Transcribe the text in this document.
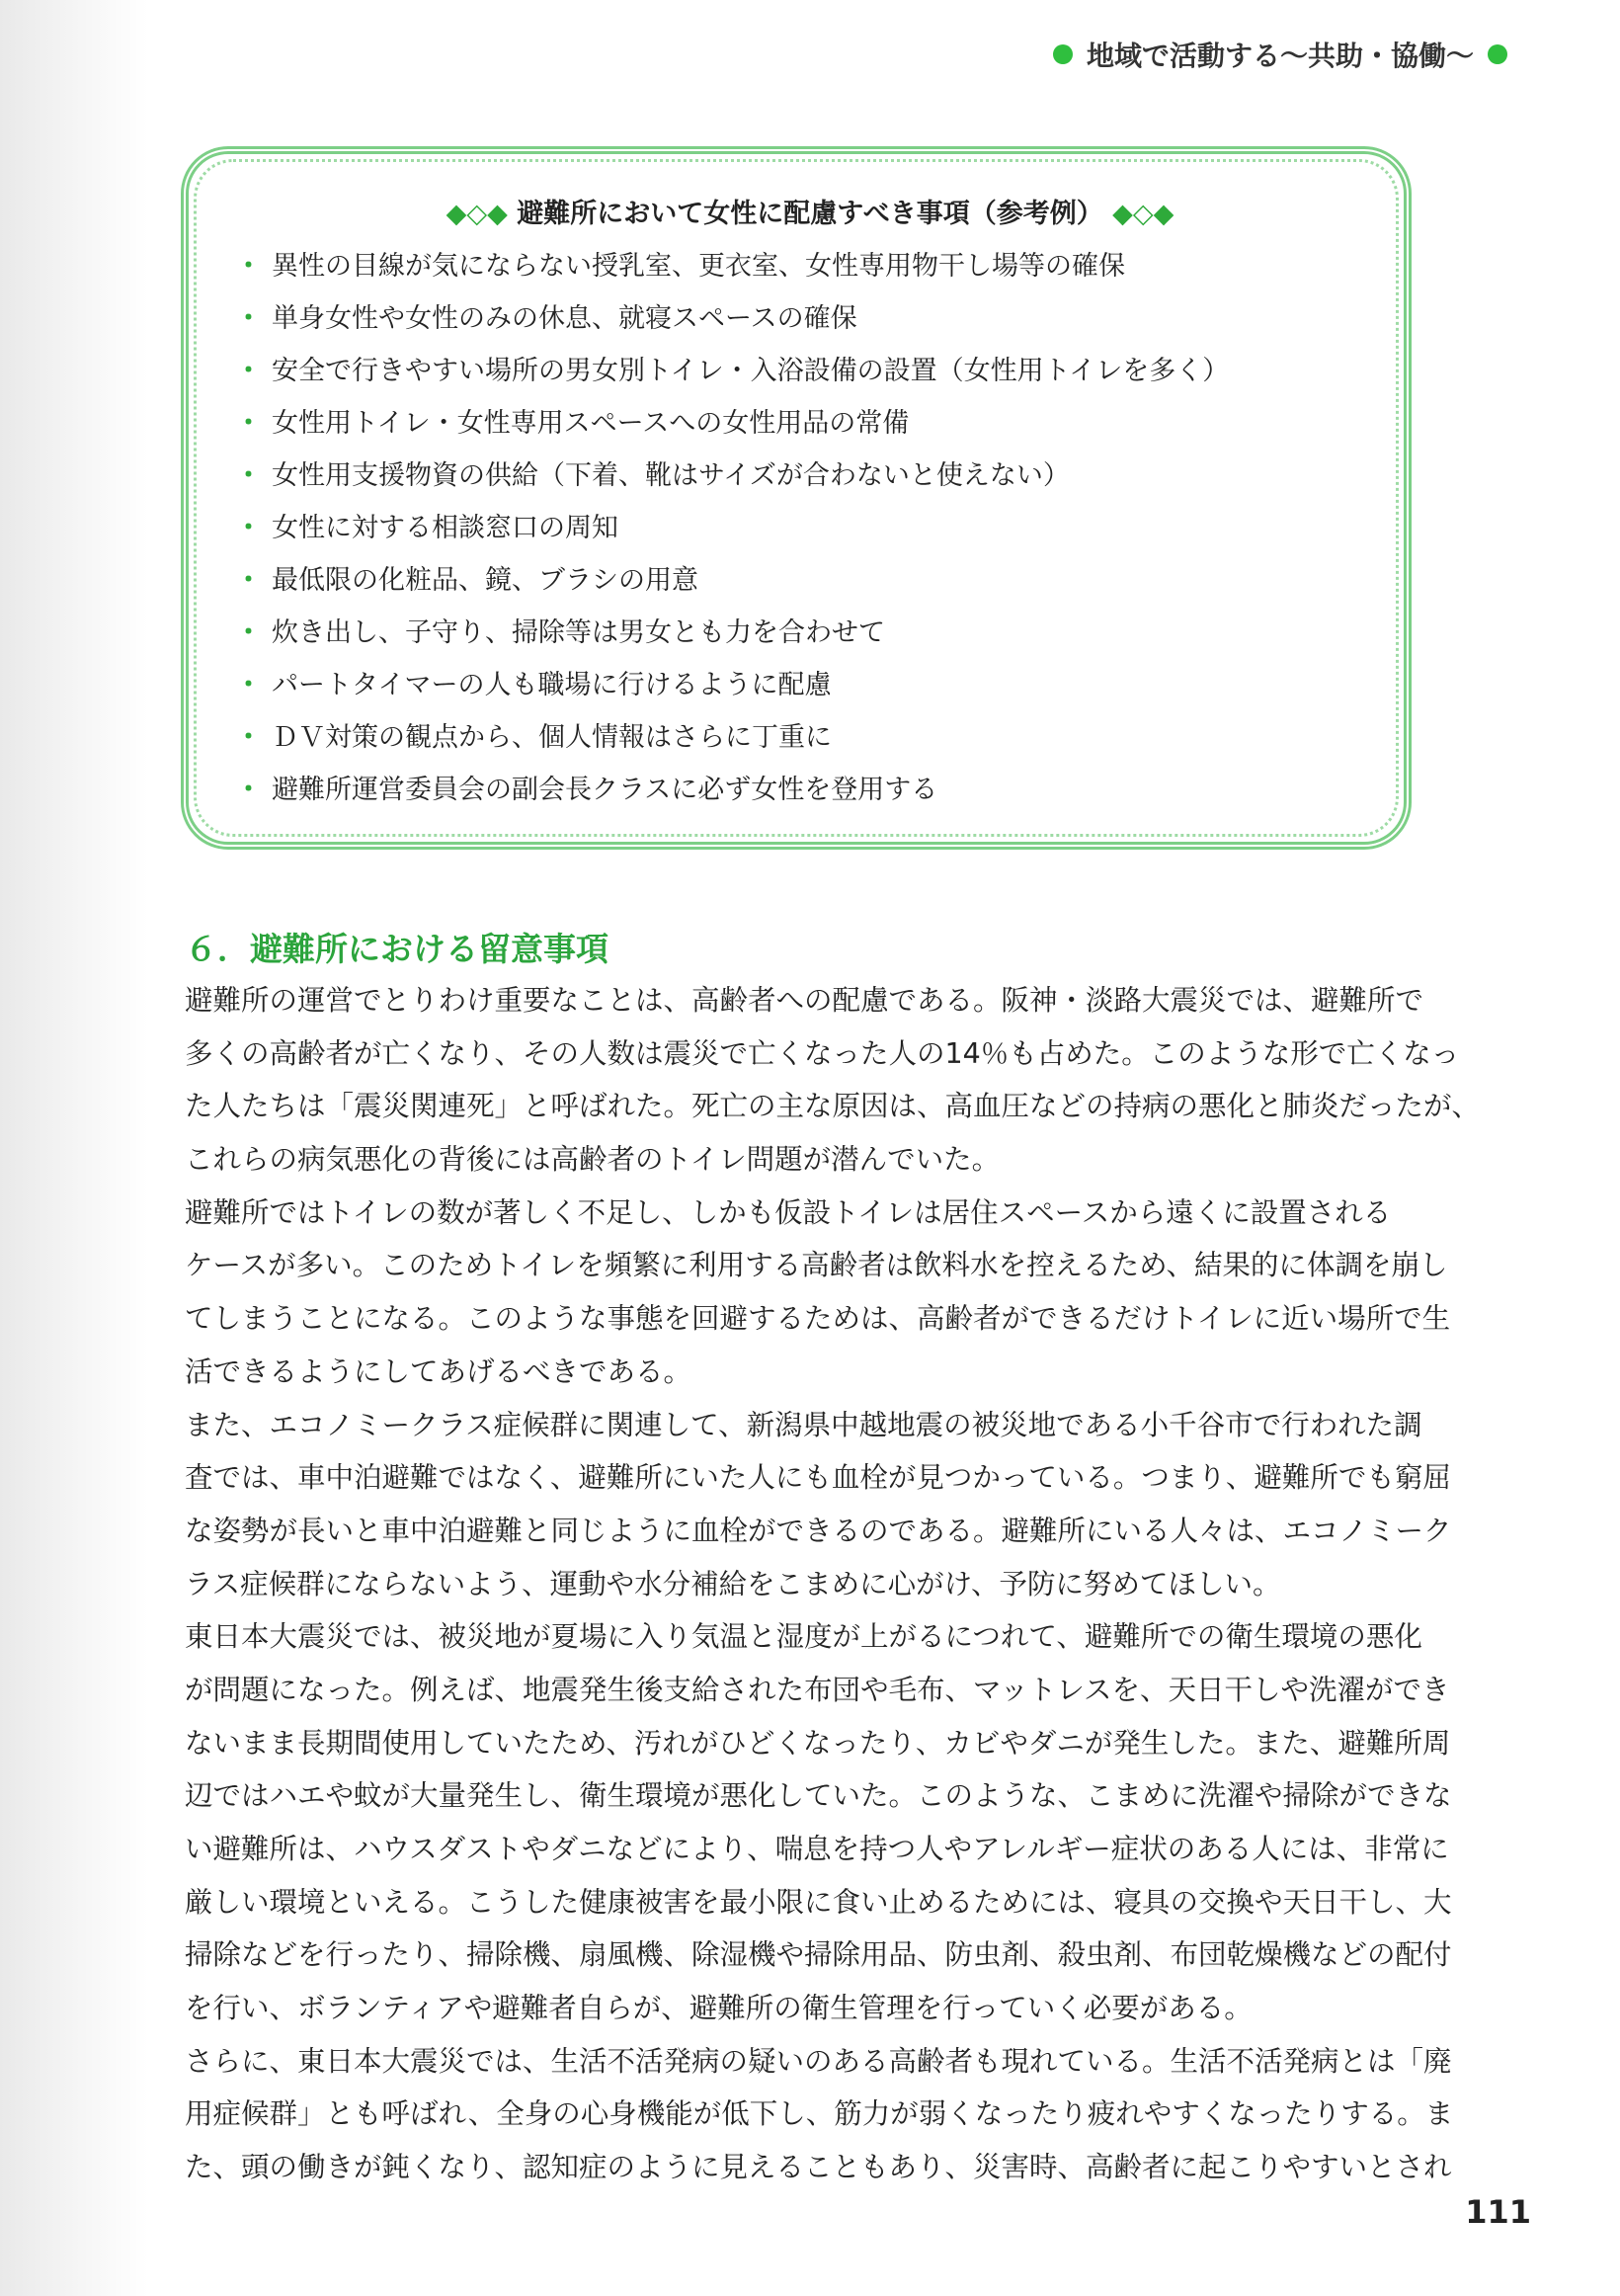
地域で活動する〜共助・協働〜
◆◇◆ 避難所において女性に配慮すべき事項（参考例） ◆◇◆
・ 異性の目線が気にならない授乳室、更衣室、女性専用物干し場等の確保
・ 単身女性や女性のみの休息、就寝スペースの確保
・ 安全で行きやすい場所の男女別トイレ・入浴設備の設置（女性用トイレを多く）
・ 女性用トイレ・女性専用スペースへの女性用品の常備
・ 女性用支援物資の供給（下着、靴はサイズが合わないと使えない）
・ 女性に対する相談窓口の周知
・ 最低限の化粧品、鏡、ブラシの用意
・ 炊き出し、子守り、掃除等は男女とも力を合わせて
・ パートタイマーの人も職場に行けるように配慮
・ ＤＶ対策の観点から、個人情報はさらに丁重に
・ 避難所運営委員会の副会長クラスに必ず女性を登用する
６．避難所における留意事項
避難所の運営でとりわけ重要なことは、高齢者への配慮である。阪神・淡路大震災では、避難所で
多くの高齢者が亡くなり、その人数は震災で亡くなった人の14％も占めた。このような形で亡くなっ
た人たちは「震災関連死」と呼ばれた。死亡の主な原因は、高血圧などの持病の悪化と肺炎だったが、
これらの病気悪化の背後には高齢者のトイレ問題が潜んでいた。
避難所ではトイレの数が著しく不足し、しかも仮設トイレは居住スペースから遠くに設置される
ケースが多い。このためトイレを頻繁に利用する高齢者は飲料水を控えるため、結果的に体調を崩し
てしまうことになる。このような事態を回避するためは、高齢者ができるだけトイレに近い場所で生
活できるようにしてあげるべきである。
また、エコノミークラス症候群に関連して、新潟県中越地震の被災地である小千谷市で行われた調
査では、車中泊避難ではなく、避難所にいた人にも血栓が見つかっている。つまり、避難所でも窮屈
な姿勢が長いと車中泊避難と同じように血栓ができるのである。避難所にいる人々は、エコノミーク
ラス症候群にならないよう、運動や水分補給をこまめに心がけ、予防に努めてほしい。
東日本大震災では、被災地が夏場に入り気温と湿度が上がるにつれて、避難所での衛生環境の悪化
が問題になった。例えば、地震発生後支給された布団や毛布、マットレスを、天日干しや洗濯ができ
ないまま長期間使用していたため、汚れがひどくなったり、カビやダニが発生した。また、避難所周
辺ではハエや蚊が大量発生し、衛生環境が悪化していた。このような、こまめに洗濯や掃除ができな
い避難所は、ハウスダストやダニなどにより、喘息を持つ人やアレルギー症状のある人には、非常に
厳しい環境といえる。こうした健康被害を最小限に食い止めるためには、寝具の交換や天日干し、大
掃除などを行ったり、掃除機、扇風機、除湿機や掃除用品、防虫剤、殺虫剤、布団乾燥機などの配付
を行い、ボランティアや避難者自らが、避難所の衛生管理を行っていく必要がある。
さらに、東日本大震災では、生活不活発病の疑いのある高齢者も現れている。生活不活発病とは「廃
用症候群」とも呼ばれ、全身の心身機能が低下し、筋力が弱くなったり疲れやすくなったりする。ま
た、頭の働きが鈍くなり、認知症のように見えることもあり、災害時、高齢者に起こりやすいとされ
111
